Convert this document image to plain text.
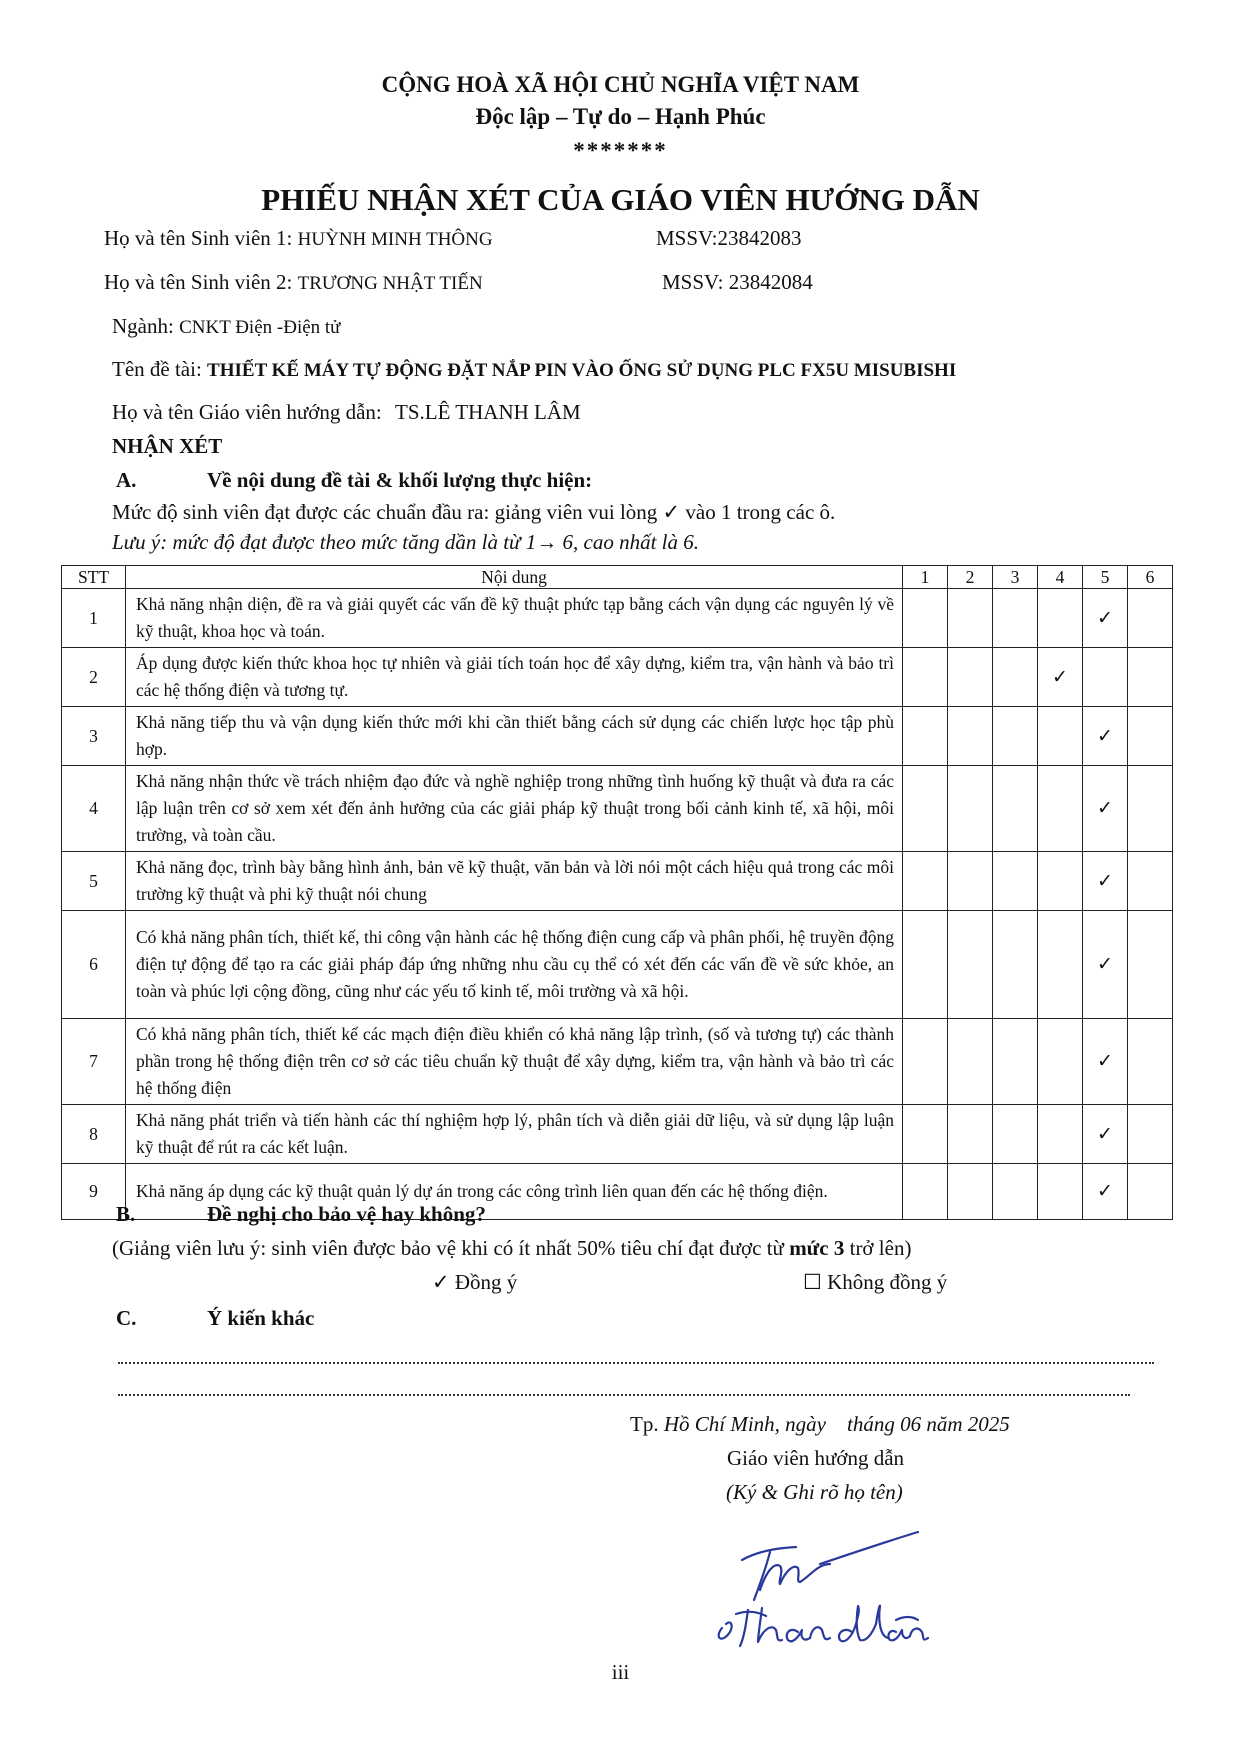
CỘNG HOÀ XÃ HỘI CHỦ NGHĨA VIỆT NAM
Độc lập – Tự do – Hạnh Phúc
*******
PHIẾU NHẬN XÉT CỦA GIÁO VIÊN HƯỚNG DẪN
Họ và tên Sinh viên 1: HUỲNH MINH THÔNG	MSSV:23842083
Họ và tên Sinh viên 2: TRƯƠNG NHẬT TIẾN	MSSV: 23842084
Ngành: CNKT Điện -Điện tử
Tên đề tài: THIẾT KẾ MÁY TỰ ĐỘNG ĐẶT NẮP PIN VÀO ỐNG SỬ DỤNG PLC FX5U MISUBISHI
Họ và tên Giáo viên hướng dẫn: TS.LÊ THANH LÂM
NHẬN XÉT
A.	Về nội dung đề tài & khối lượng thực hiện:
Mức độ sinh viên đạt được các chuẩn đầu ra: giảng viên vui lòng ✓ vào 1 trong các ô.
Lưu ý: mức độ đạt được theo mức tăng dần là từ 1→ 6, cao nhất là 6.
STT	Nội dung	1	2	3	4	5	6
1	Khả năng nhận diện, đề ra và giải quyết các vấn đề kỹ thuật phức tạp bằng cách vận dụng các nguyên lý về kỹ thuật, khoa học và toán.					✓	
2	Áp dụng được kiến thức khoa học tự nhiên và giải tích toán học để xây dựng, kiểm tra, vận hành và bảo trì các hệ thống điện và tương tự.				✓		
3	Khả năng tiếp thu và vận dụng kiến thức mới khi cần thiết bằng cách sử dụng các chiến lược học tập phù hợp.					✓	
4	Khả năng nhận thức về trách nhiệm đạo đức và nghề nghiệp trong những tình huống kỹ thuật và đưa ra các lập luận trên cơ sở xem xét đến ảnh hưởng của các giải pháp kỹ thuật trong bối cảnh kinh tế, xã hội, môi trường, và toàn cầu.					✓	
5	Khả năng đọc, trình bày bằng hình ảnh, bản vẽ kỹ thuật, văn bản và lời nói một cách hiệu quả trong các môi trường kỹ thuật và phi kỹ thuật nói chung					✓	
6	Có khả năng phân tích, thiết kế, thi công vận hành các hệ thống điện cung cấp và phân phối, hệ truyền động điện tự động để tạo ra các giải pháp đáp ứng những nhu cầu cụ thể có xét đến các vấn đề về sức khỏe, an toàn và phúc lợi cộng đồng, cũng như các yếu tố kinh tế, môi trường và xã hội.					✓	
7	Có khả năng phân tích, thiết kế các mạch điện điều khiển có khả năng lập trình, (số và tương tự) các thành phần trong hệ thống điện trên cơ sở các tiêu chuẩn kỹ thuật để xây dựng, kiểm tra, vận hành và bảo trì các hệ thống điện					✓	
8	Khả năng phát triển và tiến hành các thí nghiệm hợp lý, phân tích và diễn giải dữ liệu, và sử dụng lập luận kỹ thuật để rút ra các kết luận.					✓	
9	Khả năng áp dụng các kỹ thuật quản lý dự án trong các công trình liên quan đến các hệ thống điện.					✓	
B.	Đề nghị cho bảo vệ hay không?
(Giảng viên lưu ý: sinh viên được bảo vệ khi có ít nhất 50% tiêu chí đạt được từ mức 3 trở lên)
✓ Đồng ý	☐ Không đồng ý
C.	Ý kiến khác
Tp. Hồ Chí Minh, ngày    tháng 06 năm 2025
Giáo viên hướng dẫn
(Ký & Ghi rõ họ tên)
iii
